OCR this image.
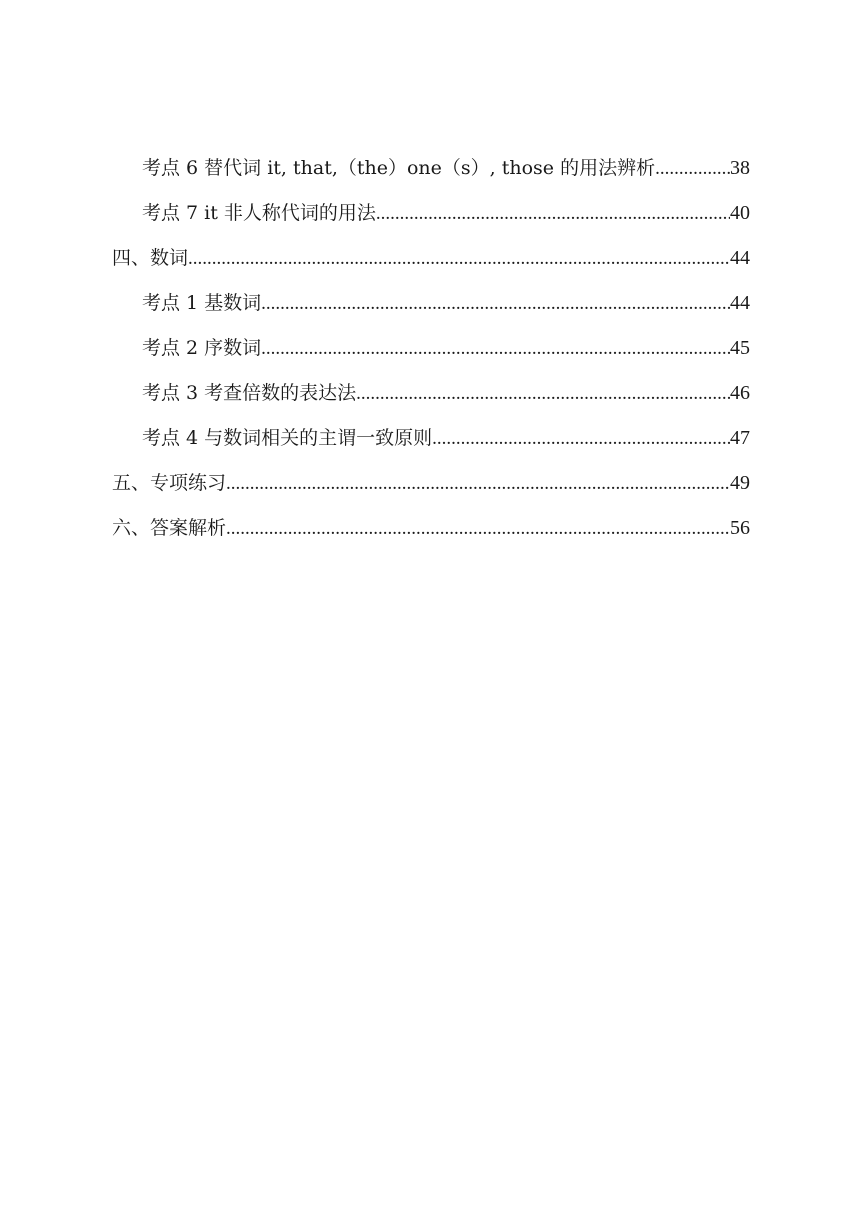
考点 6 替代词 it, that,（the）one（s）, those 的用法辨析 .....	38
考点 7 it 非人称代词的用法 .....	40
四、数词 .....	44
考点 1 基数词 .....	44
考点 2 序数词 .....	45
考点 3 考查倍数的表达法 .....	46
考点 4 与数词相关的主谓一致原则 .....	47
五、专项练习 .....	49
六、答案解析 .....	56
